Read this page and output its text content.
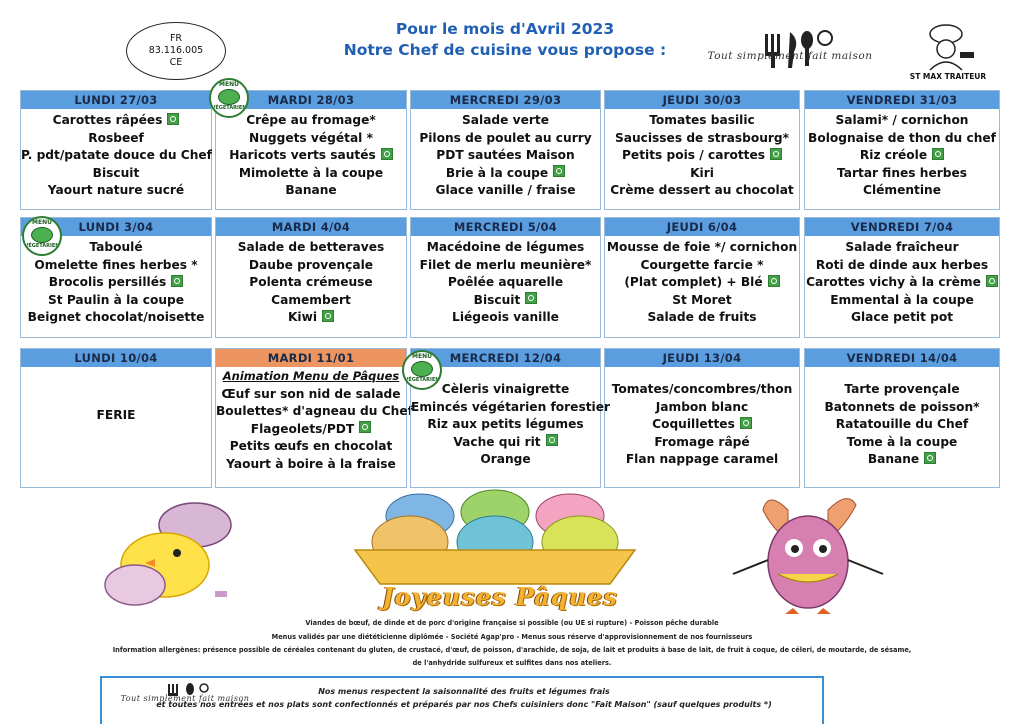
Pour le mois d'Avril 2023
Notre Chef de cuisine vous propose :
FR
83.116.005
CE
Tout simplement fait maison
ST MAX TRAITEUR
LUNDI 27/03
Carottes râpées
Rosbeef
P. pdt/patate douce du Chef
Biscuit
Yaourt nature sucré
MARDI 28/03
Crêpe au fromage*
Nuggets végétal *
Haricots verts sautés
Mimolette à la coupe
Banane
MERCREDI 29/03
Salade verte
Pilons de poulet au curry
PDT sautées Maison
Brie à la coupe
Glace vanille / fraise
JEUDI 30/03
Tomates basilic
Saucisses de strasbourg*
Petits pois / carottes
Kiri
Crème dessert au chocolat
VENDREDI 31/03
Salami* / cornichon
Bolognaise de thon du chef
Riz créole
Tartar fines herbes
Clémentine
LUNDI 3/04
Taboulé
Omelette fines herbes *
Brocolis persillés
St Paulin à la coupe
Beignet chocolat/noisette
MARDI 4/04
Salade de betteraves
Daube provençale
Polenta crémeuse
Camembert
Kiwi
MERCREDI 5/04
Macédoine de légumes
Filet de merlu meunière*
Poêlée aquarelle
Biscuit
Liégeois vanille
JEUDI 6/04
Mousse de foie */ cornichon
Courgette farcie *
(Plat complet) + Blé
St Moret
Salade de fruits
VENDREDI 7/04
Salade fraîcheur
Roti de dinde aux herbes
Carottes vichy à la crème
Emmental à la coupe
Glace petit pot
LUNDI 10/04
FERIE
MARDI 11/01
Animation Menu de Pâques
Œuf sur son nid de salade
Boulettes* d'agneau du Chef
Flageolets/PDT
Petits œufs en chocolat
Yaourt à boire à la fraise
MERCREDI 12/04
Cèleris vinaigrette
Emincés végétarien forestier
Riz aux petits légumes
Vache qui rit
Orange
JEUDI 13/04
Tomates/concombres/thon
Jambon blanc
Coquillettes
Fromage râpé
Flan nappage caramel
VENDREDI 14/04
Tarte provençale
Batonnets de poisson*
Ratatouille du Chef
Tome à la coupe
Banane
MENU
VÉGÉTARIEN
MENU
VÉGÉTARIEN
MENU
VÉGÉTARIEN
Joyeuses Pâques
Viandes de bœuf, de dinde et de porc d'origine française si possible (ou UE si rupture) - Poisson pêche durable
Menus validés par une diététicienne diplômée - Société Agap'pro - Menus sous réserve d'approvisionnement de nos fournisseurs
Information allergènes: présence possible de céréales contenant du gluten, de crustacé, d'œuf, de poisson, d'arachide, de soja, de lait et produits à base de lait, de fruit à coque, de céleri, de moutarde, de sésame,
de l'anhydride sulfureux et sulfites dans nos ateliers.
Tout simplement fait maison
Nos menus respectent la saisonnalité des fruits et légumes frais
et toutes nos entrées et nos plats sont confectionnés et préparés par nos Chefs cuisiniers donc "Fait Maison" (sauf quelques produits *)
